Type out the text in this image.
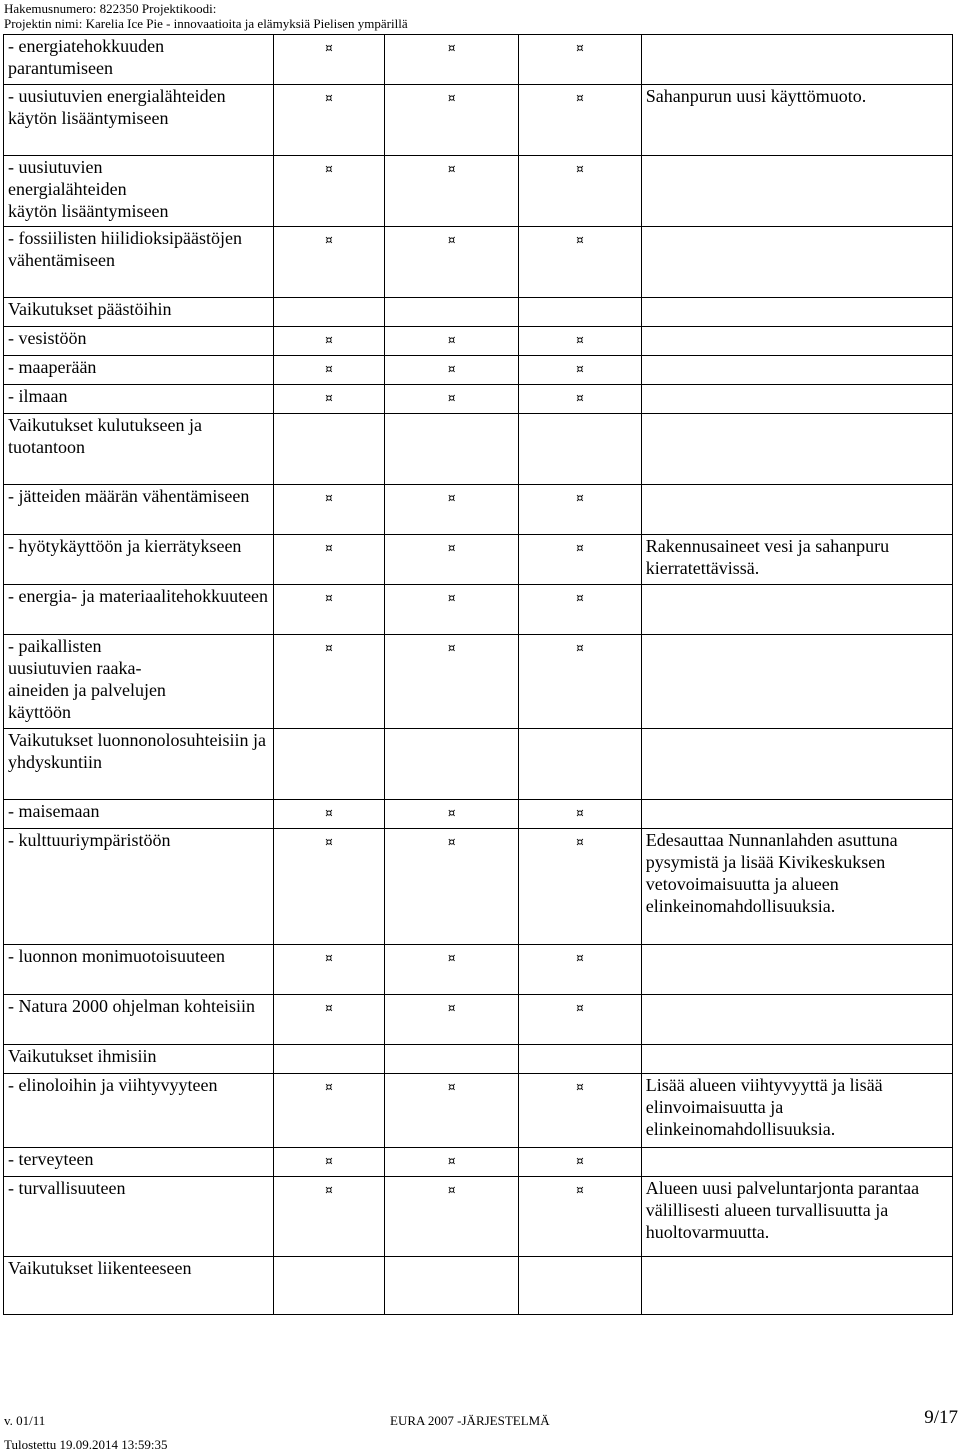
Hakemusnumero: 822350 Projektikoodi:
Projektin nimi: Karelia Ice Pie - innovaatioita ja elämyksiä Pielisen ympärillä
- energiatehokkuuden parantumiseen	¤	¤	¤	
- uusiutuvien energialähteiden käytön lisääntymiseen	¤	¤	¤	Sahanpurun uusi käyttömuoto.
- uusiutuvien
energialähteiden
käytön lisääntymiseen	¤	¤	¤	
- fossiilisten hiilidioksipäästöjen vähentämiseen	¤	¤	¤	
Vaikutukset päästöihin				
- vesistöön	¤	¤	¤	
- maaperään	¤	¤	¤	
- ilmaan	¤	¤	¤	
Vaikutukset kulutukseen ja tuotantoon				
- jätteiden määrän vähentämiseen	¤	¤	¤	
- hyötykäyttöön ja kierrätykseen	¤	¤	¤	Rakennusaineet vesi ja sahanpuru kierratettävissä.
- energia- ja materiaalitehokkuuteen	¤	¤	¤	
- paikallisten
uusiutuvien raaka-
aineiden ja palvelujen
käyttöön	¤	¤	¤	
Vaikutukset luonnonolosuhteisiin ja yhdyskuntiin				
- maisemaan	¤	¤	¤	
- kulttuuriympäristöön	¤	¤	¤	Edesauttaa Nunnanlahden asuttuna pysymistä ja lisää Kivikeskuksen vetovoimaisuutta ja alueen elinkeinomahdollisuuksia.
- luonnon monimuotoisuuteen	¤	¤	¤	
- Natura 2000 ohjelman kohteisiin	¤	¤	¤	
Vaikutukset ihmisiin				
- elinoloihin ja viihtyvyyteen	¤	¤	¤	Lisää alueen viihtyvyyttä ja lisää elinvoimaisuutta ja elinkeinomahdollisuuksia.
- terveyteen	¤	¤	¤	
- turvallisuuteen	¤	¤	¤	Alueen uusi palveluntarjonta parantaa välillisesti alueen turvallisuutta ja huoltovarmuutta.
Vaikutukset liikenteeseen				
v. 01/11	EURA 2007 -JÄRJESTELMÄ	9/17
Tulostettu 19.09.2014 13:59:35
